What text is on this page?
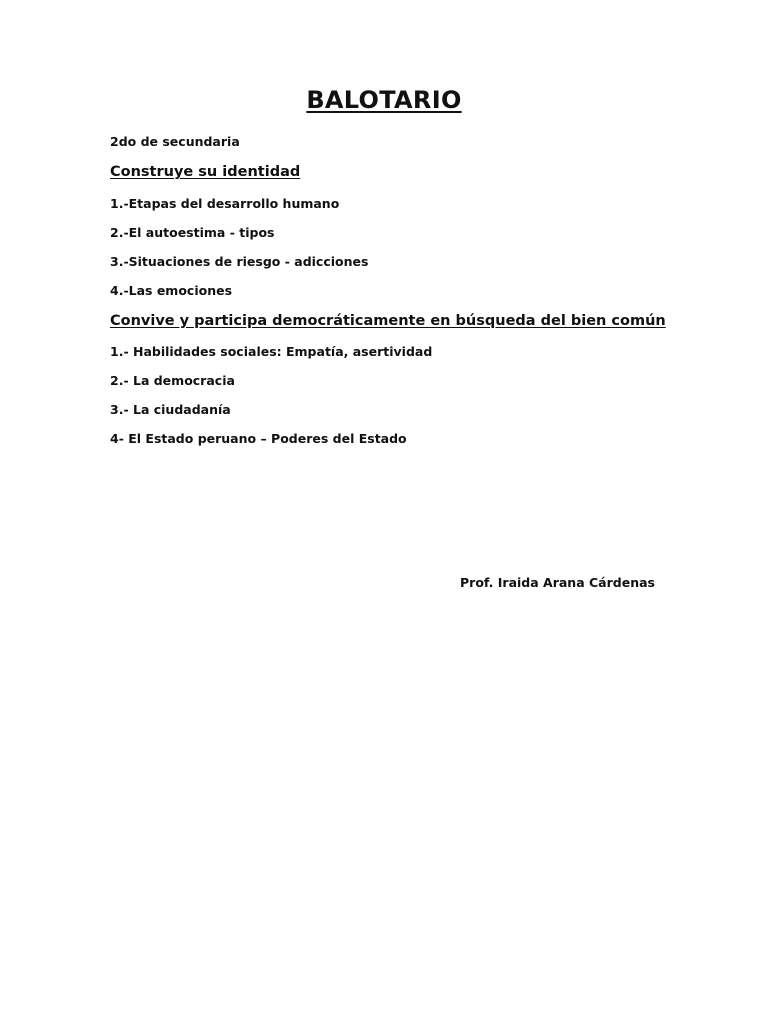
BALOTARIO

2do de secundaria

Construye su identidad

1.-Etapas del desarrollo humano

2.-El autoestima - tipos

3.-Situaciones de riesgo - adicciones

4.-Las emociones

Convive y participa democráticamente en búsqueda del bien común

1.- Habilidades sociales: Empatía, asertividad

2.- La democracia

3.- La ciudadanía

4- El Estado peruano – Poderes del Estado

Prof. Iraida Arana Cárdenas
